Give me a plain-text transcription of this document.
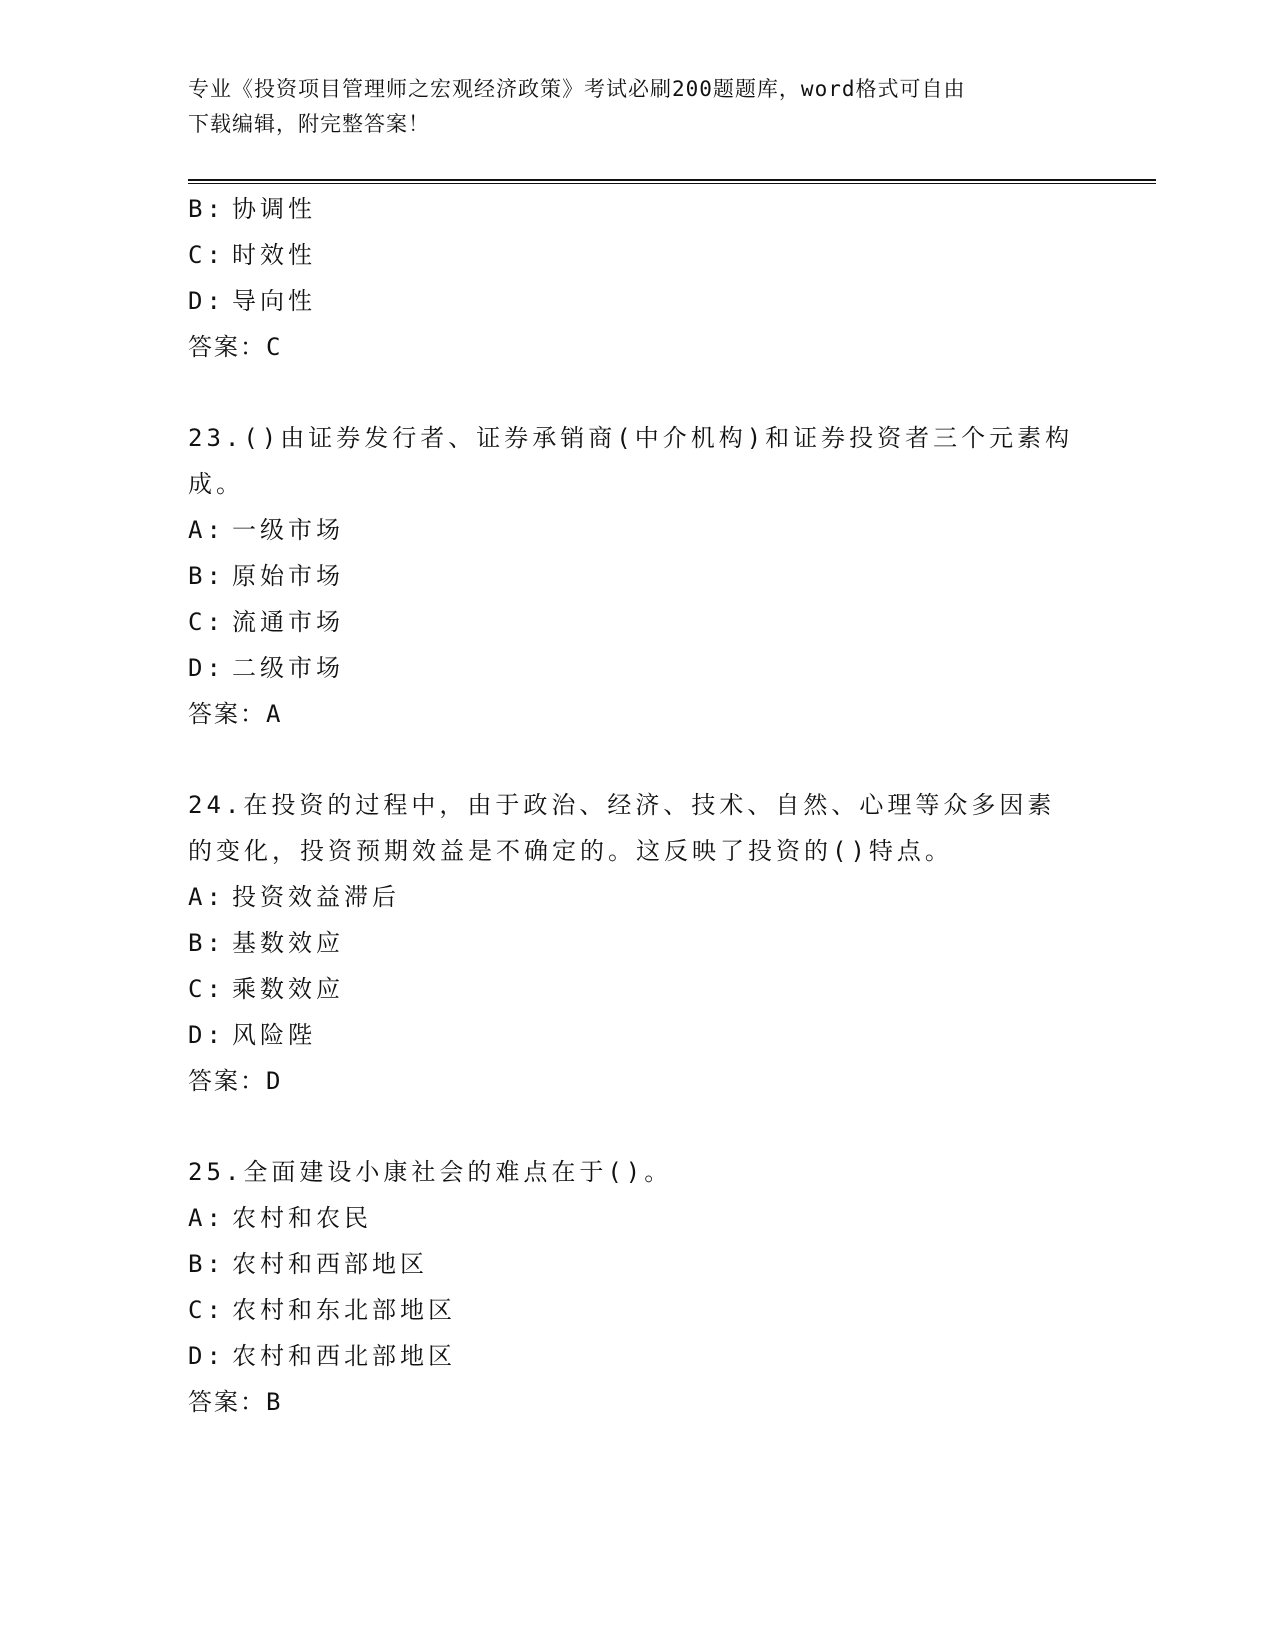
专业《投资项目管理师之宏观经济政策》考试必刷200题题库，word格式可自由
下载编辑，附完整答案！
B: 协调性
C: 时效性
D: 导向性
答案：C
23.()由证券发行者、证券承销商(中介机构)和证券投资者三个元素构成。
A: 一级市场
B: 原始市场
C: 流通市场
D: 二级市场
答案：A
24.在投资的过程中，由于政治、经济、技术、自然、心理等众多因素的变化，投资预期效益是不确定的。这反映了投资的()特点。
A: 投资效益滞后
B: 基数效应
C: 乘数效应
D: 风险陛
答案：D
25.全面建设小康社会的难点在于()。
A: 农村和农民
B: 农村和西部地区
C: 农村和东北部地区
D: 农村和西北部地区
答案：B
